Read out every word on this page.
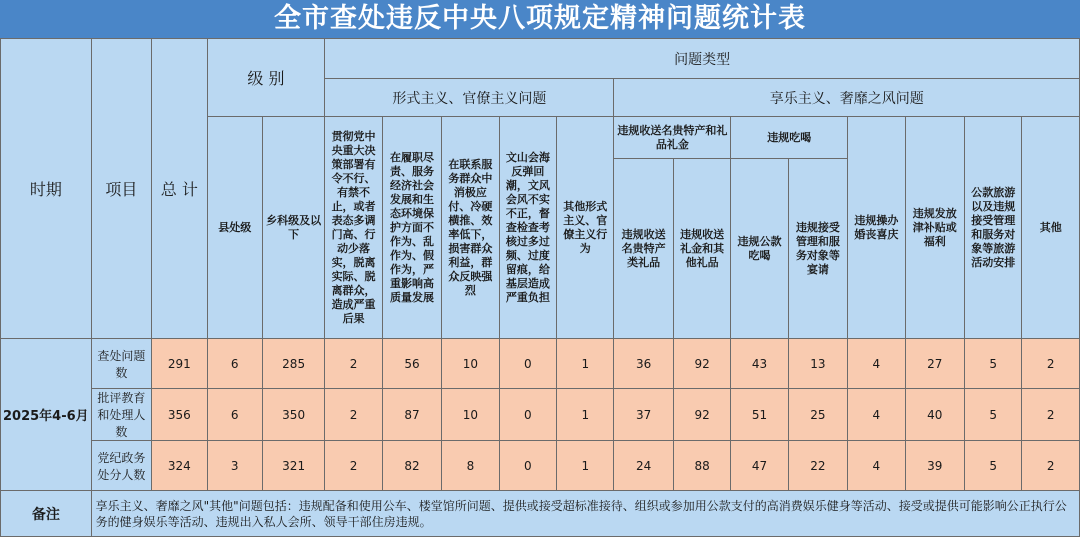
全市查处违反中央八项规定精神问题统计表
时期	项目	总 计	级 别		问题类型												
					形式主义、官僚主义问题					享乐主义、奢靡之风问题							
			县处级	乡科级及以下	贯彻党中央重大决策部署有令不行、有禁不止，或者表态多调门高、行动少落实，脱离实际、脱离群众，造成严重后果	在履职尽责、服务经济社会发展和生态环境保护方面不作为、乱作为、假作为，严重影响高质量发展	在联系服务群众中消极应付、冷硬横推、效率低下，损害群众利益，群众反映强烈	文山会海反弹回潮，文风会风不实不正，督查检查考核过多过频、过度留痕，给基层造成严重负担	其他形式主义、官僚主义行为	违规收送名贵特产和礼品礼金		违规吃喝		违规操办婚丧喜庆	违规发放津补贴或福利	公款旅游以及违规接受管理和服务对象等旅游活动安排	其他
										违规收送名贵特产类礼品	违规收送礼金和其他礼品	违规公款吃喝	违规接受管理和服务对象等宴请				

2025年4-6月	查处问题数	291	6	285	2	56	10	0	1	36	92	43	13	4	27	5	2
	批评教育和处理人数	356	6	350	2	87	10	0	1	37	92	51	25	4	40	5	2
	党纪政务处分人数	324	3	321	2	82	8	0	1	24	88	47	22	4	39	5	2
备注	享乐主义、奢靡之风"其他"问题包括：违规配备和使用公车、楼堂馆所问题、提供或接受超标准接待、组织或参加用公款支付的高消费娱乐健身等活动、接受或提供可能影响公正执行公务的健身娱乐等活动、违规出入私人会所、领导干部住房违规。																
